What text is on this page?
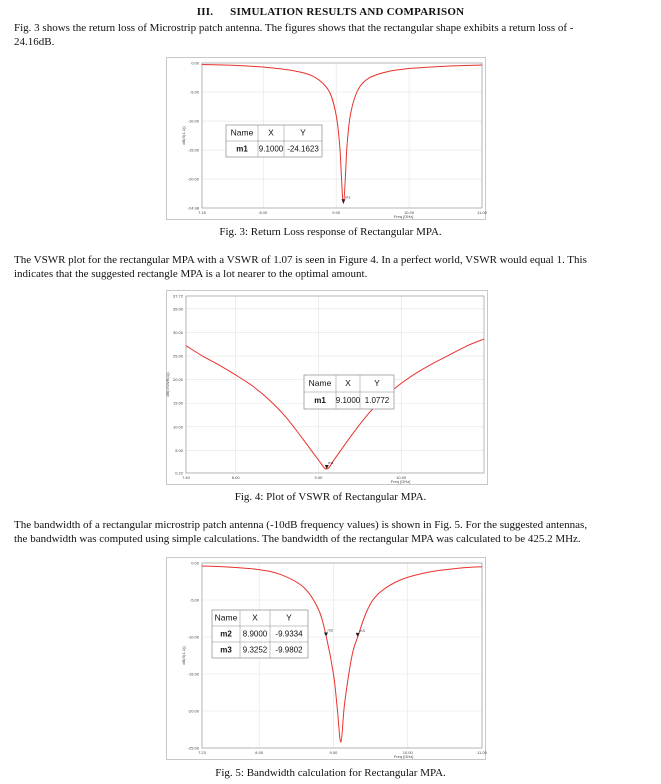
III. SIMULATION RESULTS AND COMPARISON

Fig. 3 shows the return loss of Microstrip patch antenna. The figures shows that the rectangular shape exhibits a return loss of -
24.16dB.

0.00
-5.00
-10.00
-15.00
-20.00
-24.98
7.16	8.00	9.00	10.00	11.00
Freq [GHz]
dB(S(1,1))
m1
Name X	Y
m1 9.1000 -24.1623
Fig. 3: Return Loss response of Rectangular MPA.

The VSWR plot for the rectangular MPA with a VSWR of 1.07 is seen in Figure 4. In a perfect world, VSWR would equal 1. This
indicates that the suggested rectangle MPA is a lot nearer to the optimal amount.

37.72
35.00
30.00
25.00
20.00
15.00
10.00
5.00
0.22
7.40	8.00	9.00	10.00
Freq [GHz]
dB(VSWR(1))
m1
Name X	Y
m1 9.1000 1.0772
Fig. 4: Plot of VSWR of Rectangular MPA.

The bandwidth of a rectangular microstrip patch antenna (-10dB frequency values) is shown in Fig. 5. For the suggested antennas,
the bandwidth was computed using simple calculations. The bandwidth of the rectangular MPA was calculated to be 425.2 MHz.

0.00
-5.00
-10.00
-15.00
-20.00
-25.00
7.23	8.00	9.00	10.00	11.00
Freq [GHz]
dB(S(1,1))
m2	m3
Name X	Y
m2 8.9000 -9.9334
m3 9.3252 -9.9802
Fig. 5: Bandwidth calculation for Rectangular MPA.
